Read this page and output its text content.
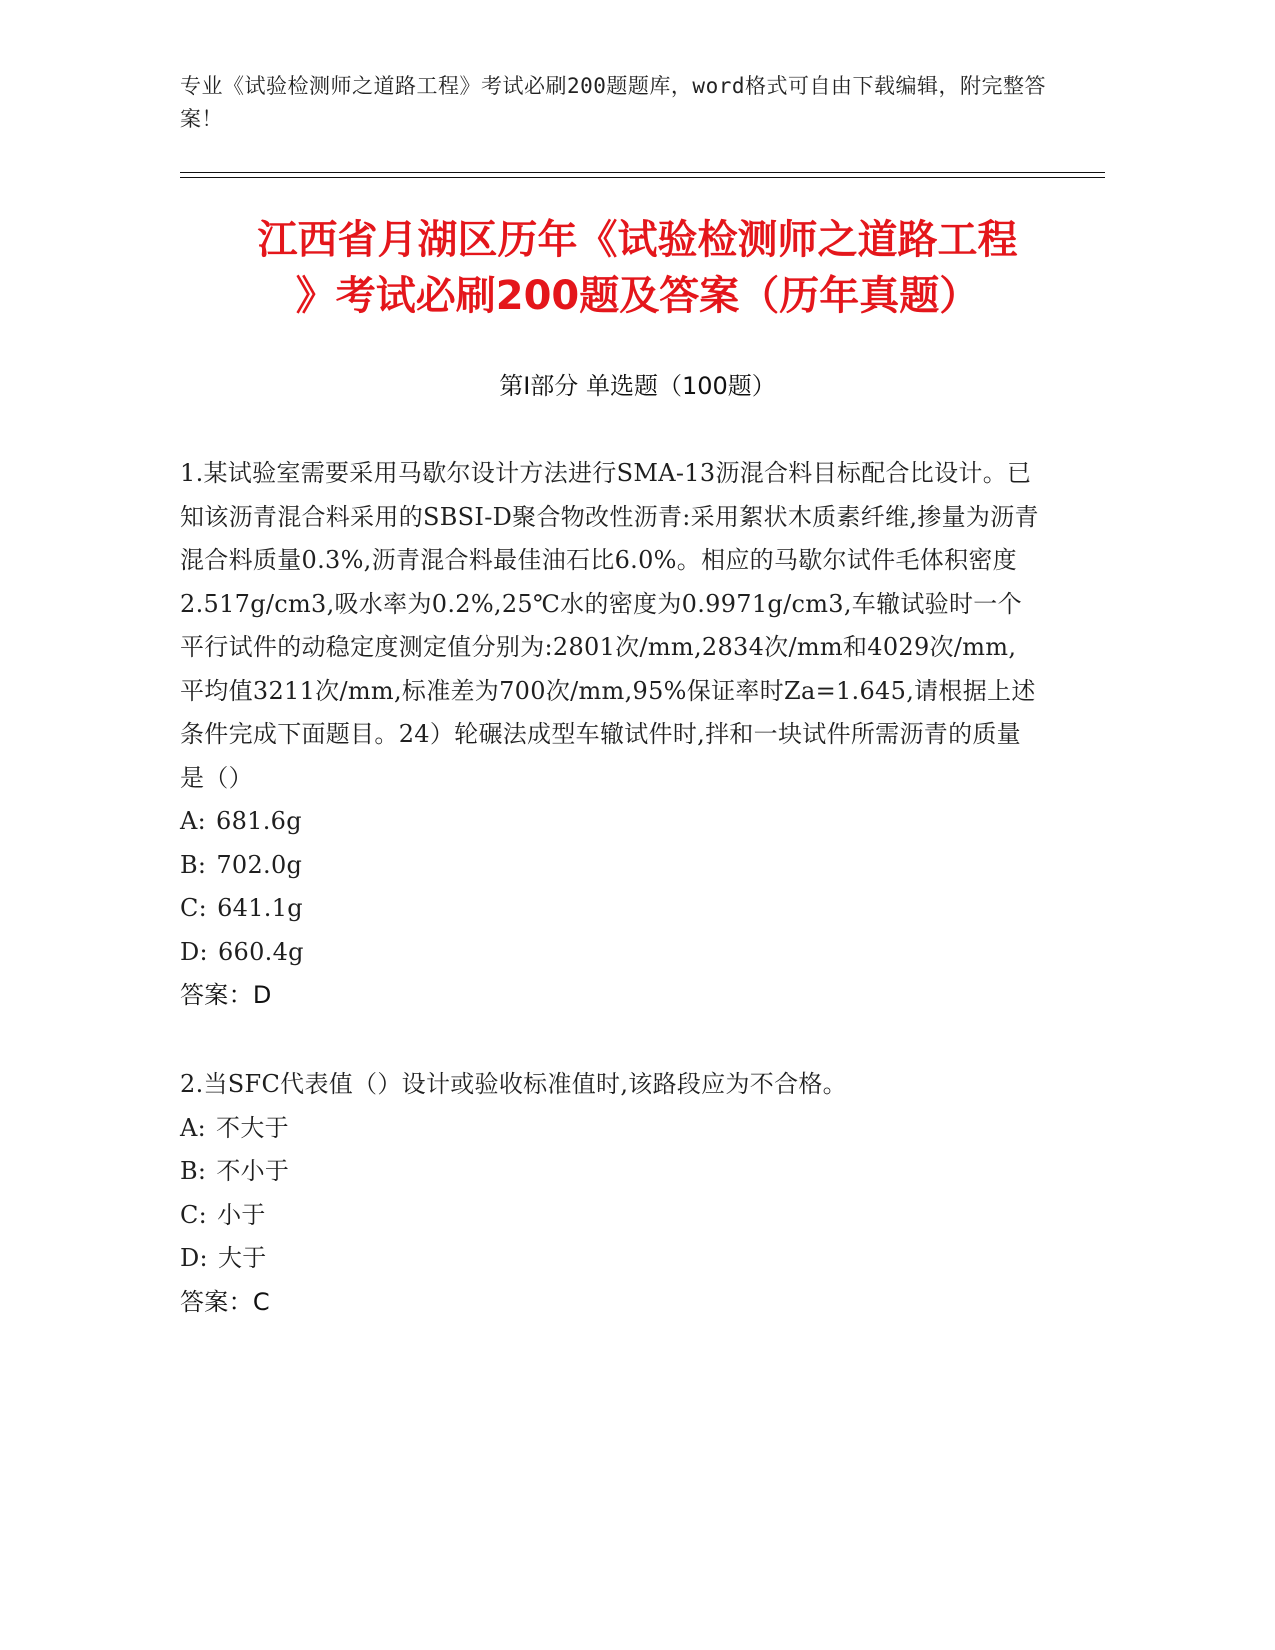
专业《试验检测师之道路工程》考试必刷200题题库，word格式可自由下载编辑，附完整答案！
江西省月湖区历年《试验检测师之道路工程
》考试必刷200题及答案（历年真题）
第Ⅰ部分 单选题（100题）

1.某试验室需要采用马歇尔设计方法进行SMA-13沥混合料目标配合比设计。已知该沥青混合料采用的SBSI-D聚合物改性沥青:采用絮状木质素纤维,掺量为沥青混合料质量0.3%,沥青混合料最佳油石比6.0%。相应的马歇尔试件毛体积密度2.517g/cm3,吸水率为0.2%,25℃水的密度为0.9971g/cm3,车辙试验时一个平行试件的动稳定度测定值分别为:2801次/mm,2834次/mm和4029次/mm,平均值3211次/mm,标准差为700次/mm,95%保证率时Za=1.645,请根据上述条件完成下面题目。24）轮碾法成型车辙试件时,拌和一块试件所需沥青的质量是（）

A: 681.6g

B: 702.0g

C: 641.1g

D: 660.4g

答案：D

2.当SFC代表值（）设计或验收标准值时,该路段应为不合格。

A: 不大于

B: 不小于

C: 小于

D: 大于

答案：C
